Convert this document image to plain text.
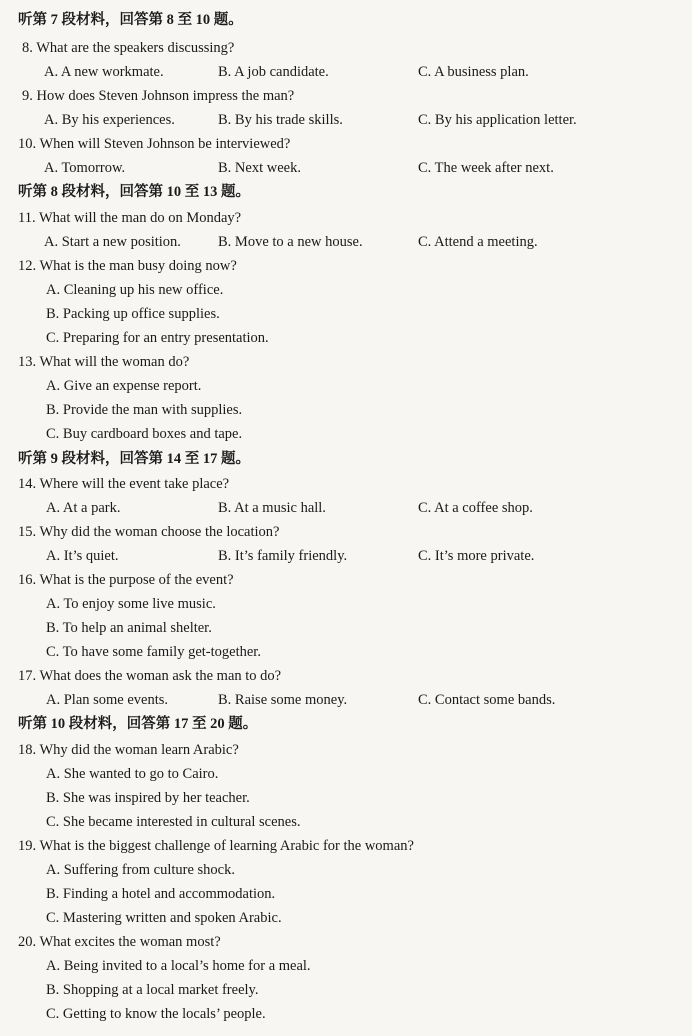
听第 7 段材料，回答第 8 至 10 题。
8. What are the speakers discussing?
A. A new workmate.	B. A job candidate.	C. A business plan.
9. How does Steven Johnson impress the man?
A. By his experiences.	B. By his trade skills.	C. By his application letter.
10. When will Steven Johnson be interviewed?
A. Tomorrow.	B. Next week.	C. The week after next.
听第 8 段材料，回答第 10 至 13 题。
11. What will the man do on Monday?
A. Start a new position.	B. Move to a new house.	C. Attend a meeting.
12. What is the man busy doing now?
A. Cleaning up his new office.
B. Packing up office supplies.
C. Preparing for an entry presentation.
13. What will the woman do?
A. Give an expense report.
B. Provide the man with supplies.
C. Buy cardboard boxes and tape.
听第 9 段材料，回答第 14 至 17 题。
14. Where will the event take place?
A. At a park.	B. At a music hall.	C. At a coffee shop.
15. Why did the woman choose the location?
A. It’s quiet.	B. It’s family friendly.	C. It’s more private.
16. What is the purpose of the event?
A. To enjoy some live music.
B. To help an animal shelter.
C. To have some family get-together.
17. What does the woman ask the man to do?
A. Plan some events.	B. Raise some money.	C. Contact some bands.
听第 10 段材料，回答第 17 至 20 题。
18. Why did the woman learn Arabic?
A. She wanted to go to Cairo.
B. She was inspired by her teacher.
C. She became interested in cultural scenes.
19. What is the biggest challenge of learning Arabic for the woman?
A. Suffering from culture shock.
B. Finding a hotel and accommodation.
C. Mastering written and spoken Arabic.
20. What excites the woman most?
A. Being invited to a local’s home for a meal.
B. Shopping at a local market freely.
C. Getting to know the locals’ people.
